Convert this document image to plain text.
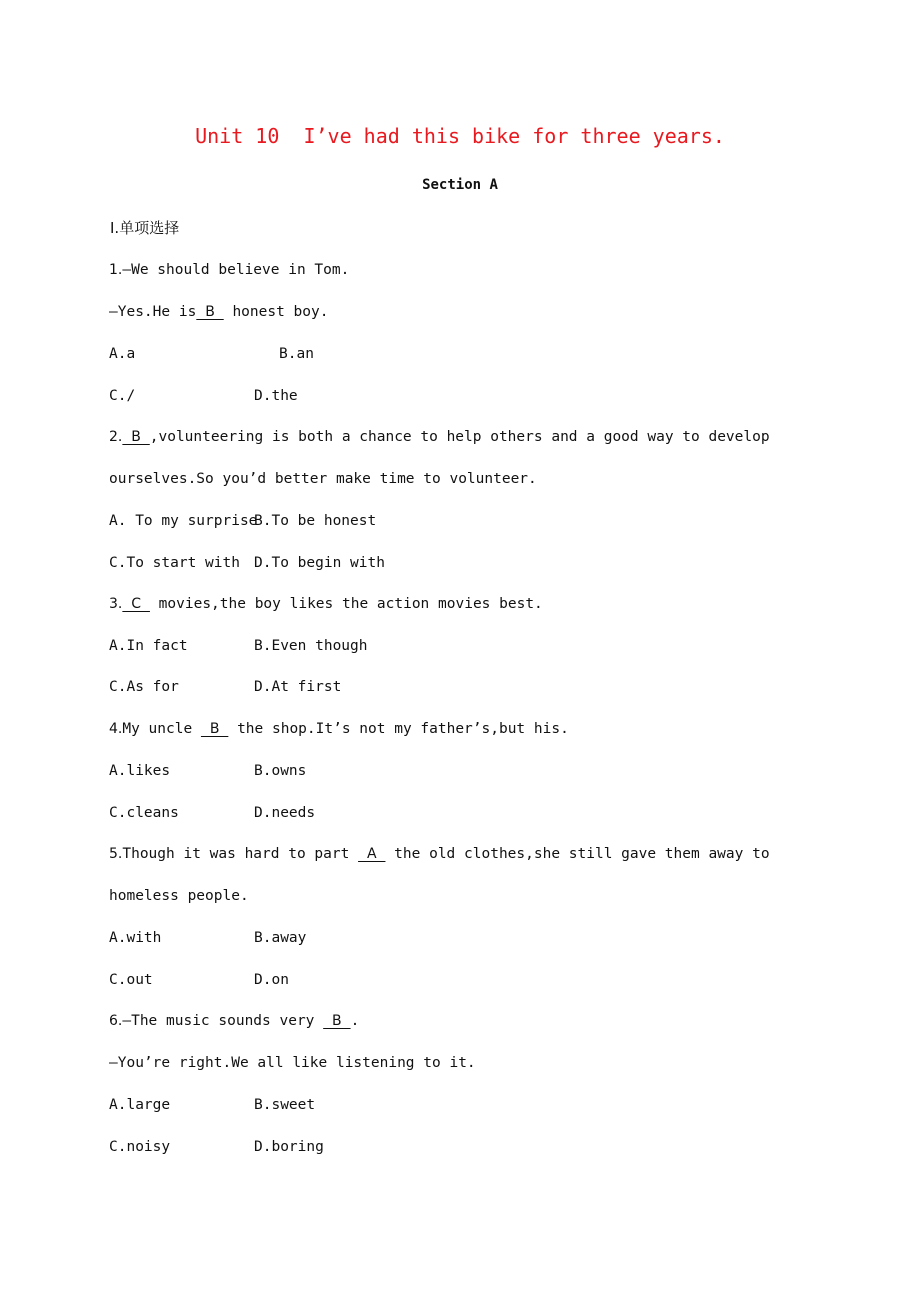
Unit 10  I’ve had this bike for three years.
Section A
Ⅰ.单项选择
1.—We should believe in Tom.
—Yes.He is  B   honest boy.
A.a	B.an
C./	D.the
2.  B  ,volunteering is both a chance to help others and a good way to develop
ourselves.So you’d better make time to volunteer.
A. To my surprise
B.To be honest
C.To start with D.To begin with
3.  C   movies,the boy likes the action movies best.
A.In fact	B.Even though
C.As for	D.At first
4.My uncle   B   the shop.It’s not my father’s,but his.
A.likes	B.owns
C.cleans	D.needs
5.Though it was hard to part   A   the old clothes,she still gave them away to
homeless people.
A.with	B.away
C.out	D.on
6.—The music sounds very   B  .
—You’re right.We all like listening to it.
A.large	B.sweet
C.noisy	D.boring
